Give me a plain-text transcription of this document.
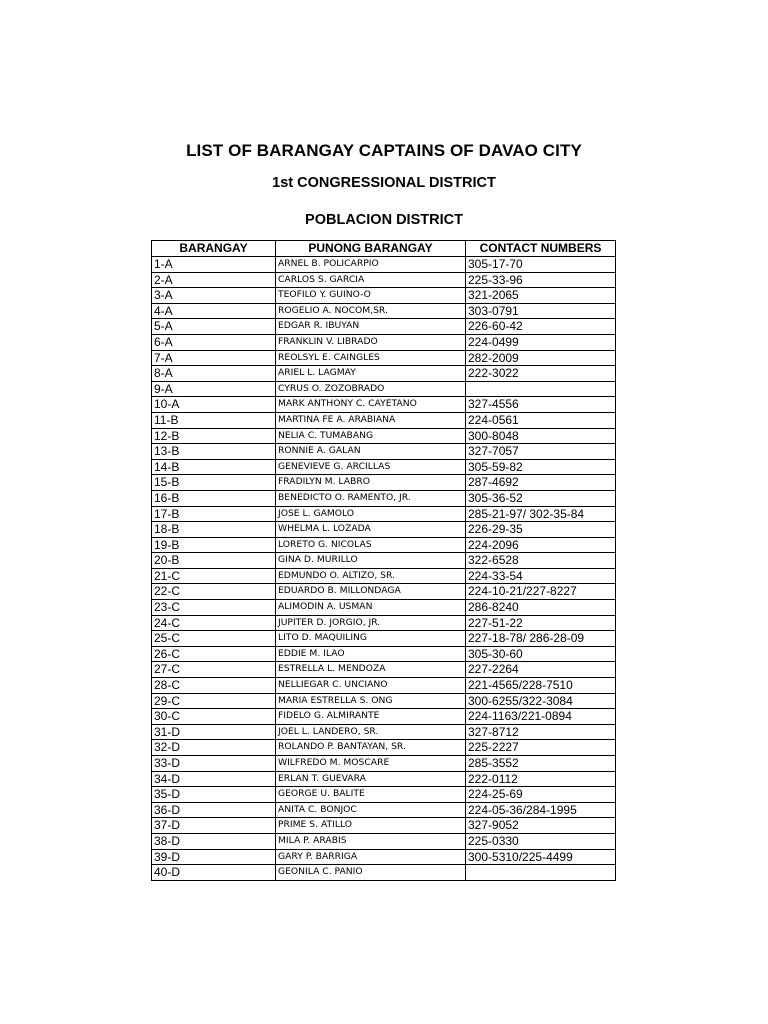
LIST OF BARANGAY CAPTAINS OF DAVAO CITY
1st CONGRESSIONAL DISTRICT
POBLACION DISTRICT
BARANGAY	PUNONG BARANGAY	CONTACT NUMBERS
1-A	ARNEL B. POLICARPIO	305-17-70
2-A	CARLOS S. GARCIA	225-33-96
3-A	TEOFILO Y. GUINO-O	321-2065
4-A	ROGELIO A. NOCOM,SR.	303-0791
5-A	EDGAR R. IBUYAN	226-60-42
6-A	FRANKLIN V. LIBRADO	224-0499
7-A	REOLSYL E. CAINGLES	282-2009
8-A	ARIEL L. LAGMAY	222-3022
9-A	CYRUS O. ZOZOBRADO	
10-A	MARK ANTHONY C. CAYETANO	327-4556
11-B	MARTINA FE A. ARABIANA	224-0561
12-B	NELIA C. TUMABANG	300-8048
13-B	RONNIE A. GALAN	327-7057
14-B	GENEVIEVE G. ARCILLAS	305-59-82
15-B	FRADILYN M. LABRO	287-4692
16-B	BENEDICTO O. RAMENTO, JR.	305-36-52
17-B	JOSE L. GAMOLO	285-21-97/ 302-35-84
18-B	WHELMA L. LOZADA	226-29-35
19-B	LORETO G. NICOLAS	224-2096
20-B	GINA D. MURILLO	322-6528
21-C	EDMUNDO O. ALTIZO, SR.	224-33-54
22-C	EDUARDO B. MILLONDAGA	224-10-21/227-8227
23-C	ALIMODIN A. USMAN	286-8240
24-C	JUPITER D. JORGIO, JR.	227-51-22
25-C	LITO D. MAQUILING	227-18-78/ 286-28-09
26-C	EDDIE M. ILAO	305-30-60
27-C	ESTRELLA L. MENDOZA	227-2264
28-C	NELLIEGAR C. UNCIANO	221-4565/228-7510
29-C	MARIA ESTRELLA S. ONG	300-6255/322-3084
30-C	FIDELO G. ALMIRANTE	224-1163/221-0894
31-D	JOEL L. LANDERO, SR.	327-8712
32-D	ROLANDO P. BANTAYAN, SR.	225-2227
33-D	WILFREDO M. MOSCARE	285-3552
34-D	ERLAN T. GUEVARA	222-0112
35-D	GEORGE U. BALITE	224-25-69
36-D	ANITA C. BONJOC	224-05-36/284-1995
37-D	PRIME S. ATILLO	327-9052
38-D	MILA P. ARABIS	225-0330
39-D	GARY P. BARRIGA	300-5310/225-4499
40-D	GEONILA C. PANIO	
